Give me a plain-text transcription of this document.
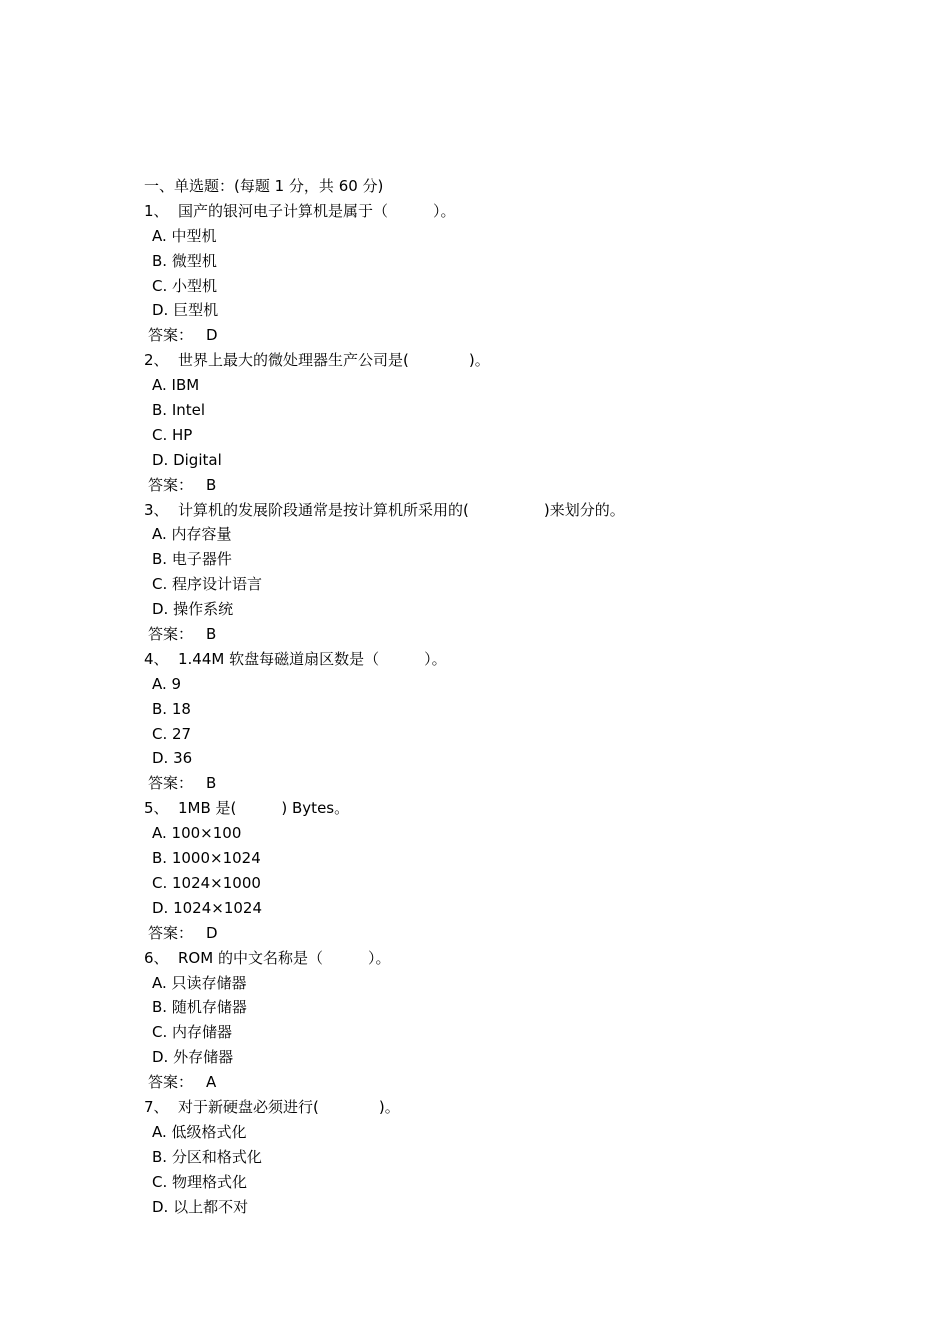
一、单选题：(每题 1 分，共 60 分)
1、 国产的银河电子计算机是属于（　　　）。
A. 中型机
B. 微型机
C. 小型机
D. 巨型机
答案： D
2、 世界上最大的微处理器生产公司是(　　　　)。
A. IBM
B. Intel
C. HP
D. Digital
答案： B
3、 计算机的发展阶段通常是按计算机所采用的(　　　　　)来划分的。
A. 内存容量
B. 电子器件
C. 程序设计语言
D. 操作系统
答案： B
4、 1.44M 软盘每磁道扇区数是（　　　）。
A. 9
B. 18
C. 27
D. 36
答案： B
5、 1MB 是(　　　) Bytes。
A. 100×100
B. 1000×1024
C. 1024×1000
D. 1024×1024
答案： D
6、 ROM 的中文名称是（　　　）。
A. 只读存储器
B. 随机存储器
C. 内存储器
D. 外存储器
答案： A
7、 对于新硬盘必须进行(　　　　)。
A. 低级格式化
B. 分区和格式化
C. 物理格式化
D. 以上都不对
